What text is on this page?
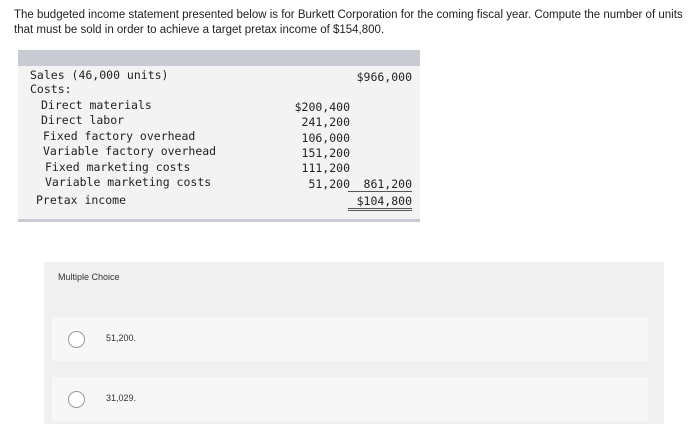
The budgeted income statement presented below is for Burkett Corporation for the coming fiscal year. Compute the number of units that must be sold in order to achieve a target pretax income of $154,800.
Sales (46,000 units)	$966,000
Costs:
Direct materials	$200,400
Direct labor	241,200
Fixed factory overhead	106,000
Variable factory overhead	151,200
Fixed marketing costs	111,200
Variable marketing costs	51,200	861,200
Pretax income	$104,800
Multiple Choice
51,200.
31,029.
